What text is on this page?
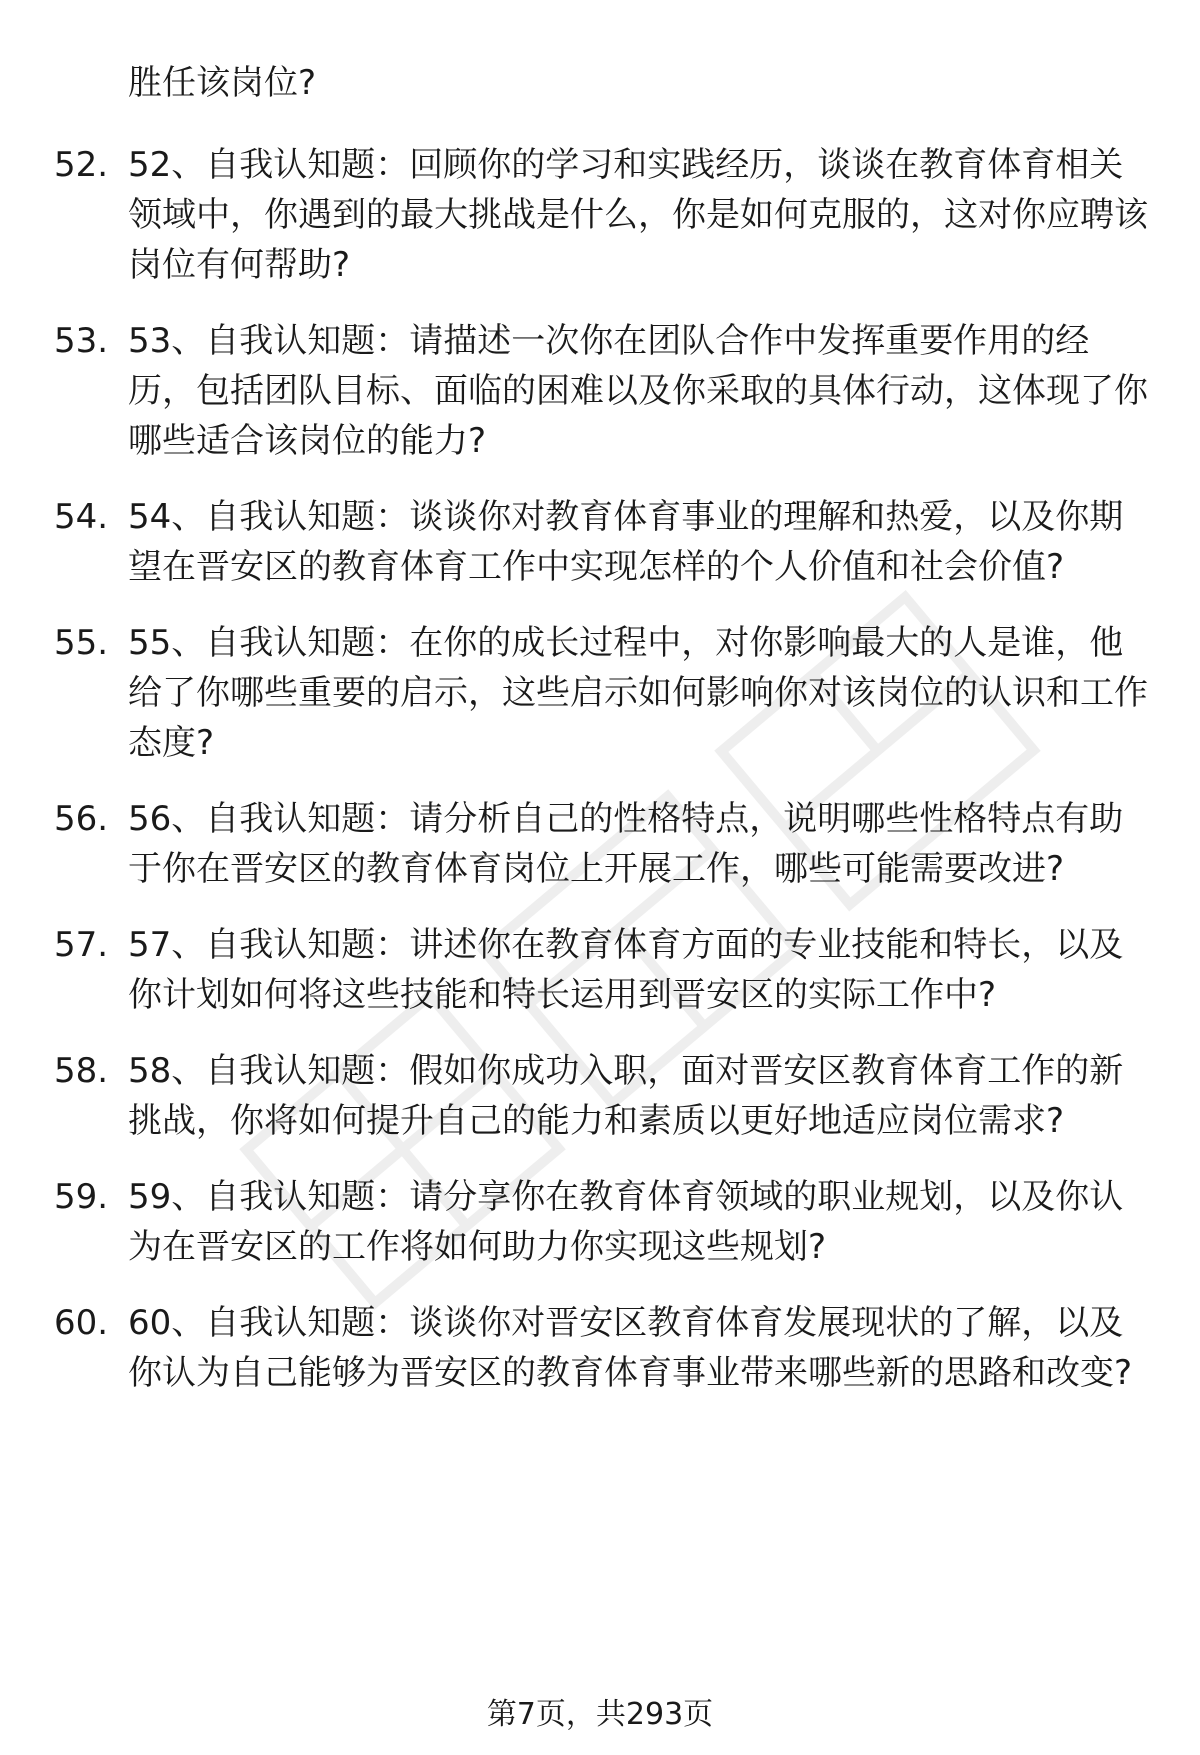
胜任该岗位?

52. 52、自我认知题：回顾你的学习和实践经历，谈谈在教育体育相关领域中，你遇到的最大挑战是什么，你是如何克服的，这对你应聘该岗位有何帮助?
53. 53、自我认知题：请描述一次你在团队合作中发挥重要作用的经历，包括团队目标、面临的困难以及你采取的具体行动，这体现了你哪些适合该岗位的能力?
54. 54、自我认知题：谈谈你对教育体育事业的理解和热爱，以及你期望在晋安区的教育体育工作中实现怎样的个人价值和社会价值?
55. 55、自我认知题：在你的成长过程中，对你影响最大的人是谁，他给了你哪些重要的启示，这些启示如何影响你对该岗位的认识和工作态度?
56. 56、自我认知题：请分析自己的性格特点，说明哪些性格特点有助于你在晋安区的教育体育岗位上开展工作，哪些可能需要改进?
57. 57、自我认知题：讲述你在教育体育方面的专业技能和特长，以及你计划如何将这些技能和特长运用到晋安区的实际工作中?
58. 58、自我认知题：假如你成功入职，面对晋安区教育体育工作的新挑战，你将如何提升自己的能力和素质以更好地适应岗位需求?
59. 59、自我认知题：请分享你在教育体育领域的职业规划，以及你认为在晋安区的工作将如何助力你实现这些规划?
60. 60、自我认知题：谈谈你对晋安区教育体育发展现状的了解，以及你认为自己能够为晋安区的教育体育事业带来哪些新的思路和改变?
第7页，共293页
